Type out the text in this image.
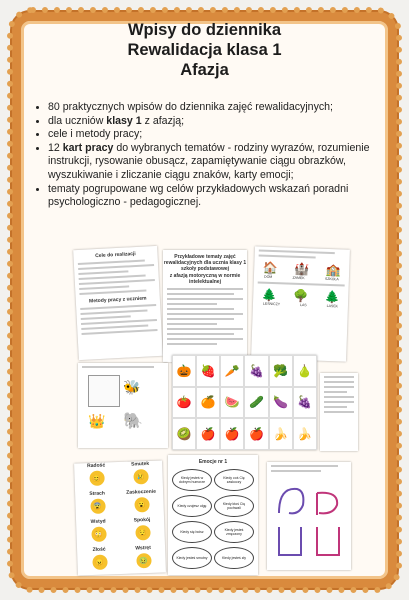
Wpisy do dziennika
Rewalidacja klasa 1
Afazja
• 80 praktycznych wpisów do dziennika zajęć rewalidacyjnych;
• dla uczniów klasy 1 z afazją;
• cele i metody pracy;
• 12 kart pracy do wybranych tematów - rodziny wyrazów, rozumienie instrukcji, rysowanie obusącz, zapamiętywanie ciągu obrazków, wyszukiwanie i zliczanie ciągu znaków, karty emocji;
• tematy pogrupowane wg celów przykładowych wskazań poradni psychologiczno - pedagogicznej.
Cele do realizacji
Metody pracy z uczniem
Przykładowe tematy zajęć rewalidacyjnych dla ucznia klasy 1 szkoły podstawowej
z afazją motoryczną w normie intelektualnej
🏠 🏰 🏫
DOM	ZAMEK	SZKOŁA
🌲 🌳 🌲
LEŚNICZY	LAS	LASEK
🐝
👑 🐘
🎃 🍓 🥕 🍇 🥦 🍐
🍅 🍊 🍉 🥒 🍆 🍇
🥝 🍎 🍎 🍎 🍌 🍌
Radość
😊
Smutek
😢
Strach
😨
Zaskoczenie
😮
Wstyd
😳
Spokój
😌
Złość
😠
Wstręt
🤢
Emocje nr 1
Kiedy jesteś w dobrym humorze
Kiedy coś Cię zaskoczy
Kiedy czujesz ulgę	Kiedy ktoś Cię pochwali
Kiedy się boisz	Kiedy jesteś zmęczony
Kiedy jesteś smutny	Kiedy jesteś zły
